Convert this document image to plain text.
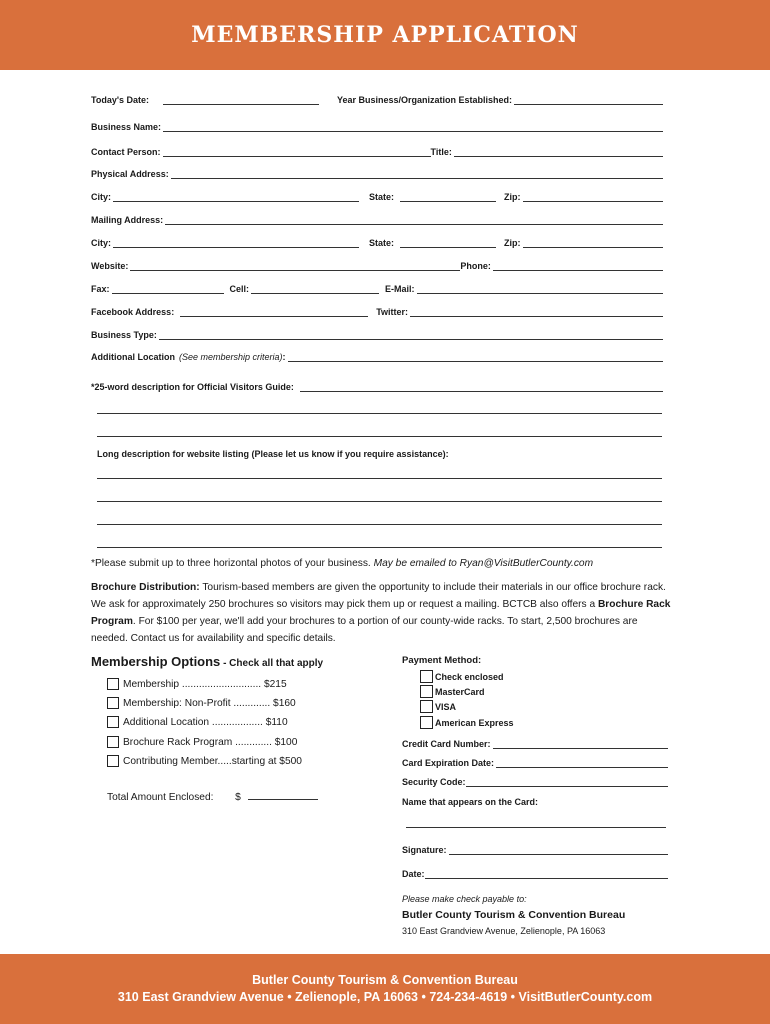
MEMBERSHIP APPLICATION
Today's Date:	Year Business/Organization Established:
Business Name:
Contact Person:	Title:
Physical Address:
City:	State:	Zip:
Mailing Address:
City:	State:	Zip:
Website:	Phone:
Fax:	Cell:	E-Mail:
Facebook Address:	Twitter:
Business Type:
Additional Location (See membership criteria) :
*25-word description for Official Visitors Guide:
Long description for website listing (Please let us know if you require assistance):
*Please submit up to three horizontal photos of your business. May be emailed to Ryan@VisitButlerCounty.com
Brochure Distribution: Tourism-based members are given the opportunity to include their materials in our office brochure rack. We ask for approximately 250 brochures so visitors may pick them up or request a mailing. BCTCB also offers a Brochure Rack Program. For $100 per year, we'll add your brochures to a portion of our county-wide racks. To start, 2,500 brochures are needed. Contact us for availability and specific details.
Membership Options - Check all that apply
Membership ............................ $215
Membership: Non-Profit ............. $160
Additional Location .................. $110
Brochure Rack Program ............. $100
Contributing Member.....starting at $500
Total Amount Enclosed: $
Payment Method:
Check enclosed
MasterCard
VISA
American Express
Credit Card Number:
Card Expiration Date:
Security Code:
Name that appears on the Card:
Signature:
Date:
Please make check payable to:
Butler County Tourism & Convention Bureau
310 East Grandview Avenue, Zelienople, PA 16063
Butler County Tourism & Convention Bureau
310 East Grandview Avenue • Zelienople, PA 16063 • 724-234-4619 • VisitButlerCounty.com
